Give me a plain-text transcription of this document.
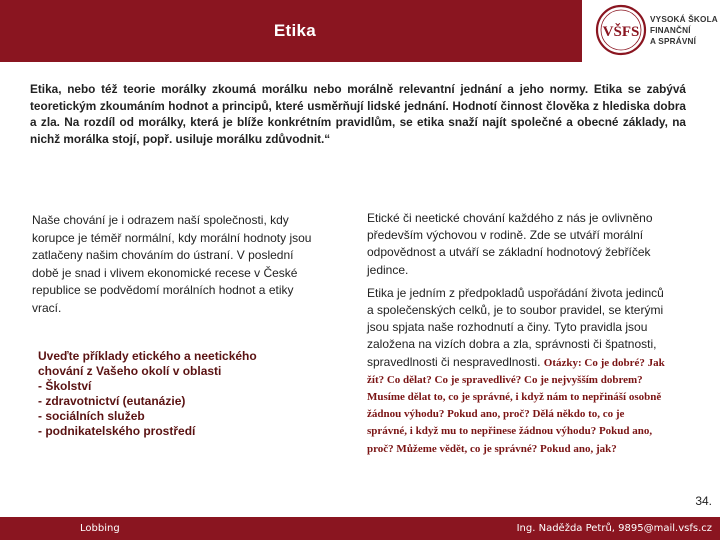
Etika	VŠFS
VYSOKÁ ŠKOLA
FINANČNÍ
A SPRÁVNÍ
Etika, nebo též teorie morálky zkoumá morálku nebo morálně relevantní jednání a jeho normy. Etika se zabývá teoretickým zkoumáním hodnot a principů, které usměrňují lidské jednání. Hodnotí činnost člověka z hlediska dobra a zla. Na rozdíl od morálky, která je blíže konkrétním pravidlům, se etika snaží najít společné a obecné základy, na nichž morálka stojí, popř. usiluje morálku zdůvodnit.“
Naše chování je i odrazem naší společnosti, kdy korupce je téměř normální, kdy morální hodnoty jsou zatlačeny našim chováním do ústraní. V poslední době je snad i vlivem ekonomické recese v České republice se podvědomí morálních hodnot a etiky vrací.
Uveďte příklady etického a neetického
chování z Vašeho okolí v oblasti
- Školství
- zdravotnictví (eutanázie)
- sociálních služeb
- podnikatelského prostředí

Etické či neetické chování každého z nás je ovlivněno především výchovou v rodině. Zde se utváří morální odpovědnost a utváří se základní hodnotový žebříček jedince.

Etika je jedním z předpokladů uspořádání života jedinců a společenských celků, je to soubor pravidel, se kterými jsou spjata naše rozhodnutí a činy. Tyto pravidla jsou založena na vizích dobra a zla, správnosti či špatnosti, spravedlnosti či nespravedlnosti. Otázky: Co je dobré? Jak žít? Co dělat? Co je spravedlivé? Co je nejvyšším dobrem? Musíme dělat to, co je správné, i když nám to nepřináší osobně žádnou výhodu? Pokud ano, proč? Dělá někdo to, co je správné, i když mu to nepřinese žádnou výhodu? Pokud ano, proč? Můžeme vědět, co je správné? Pokud ano, jak?

34.
Lobbing	Ing. Naděžda Petrů, 9895@mail.vsfs.cz
